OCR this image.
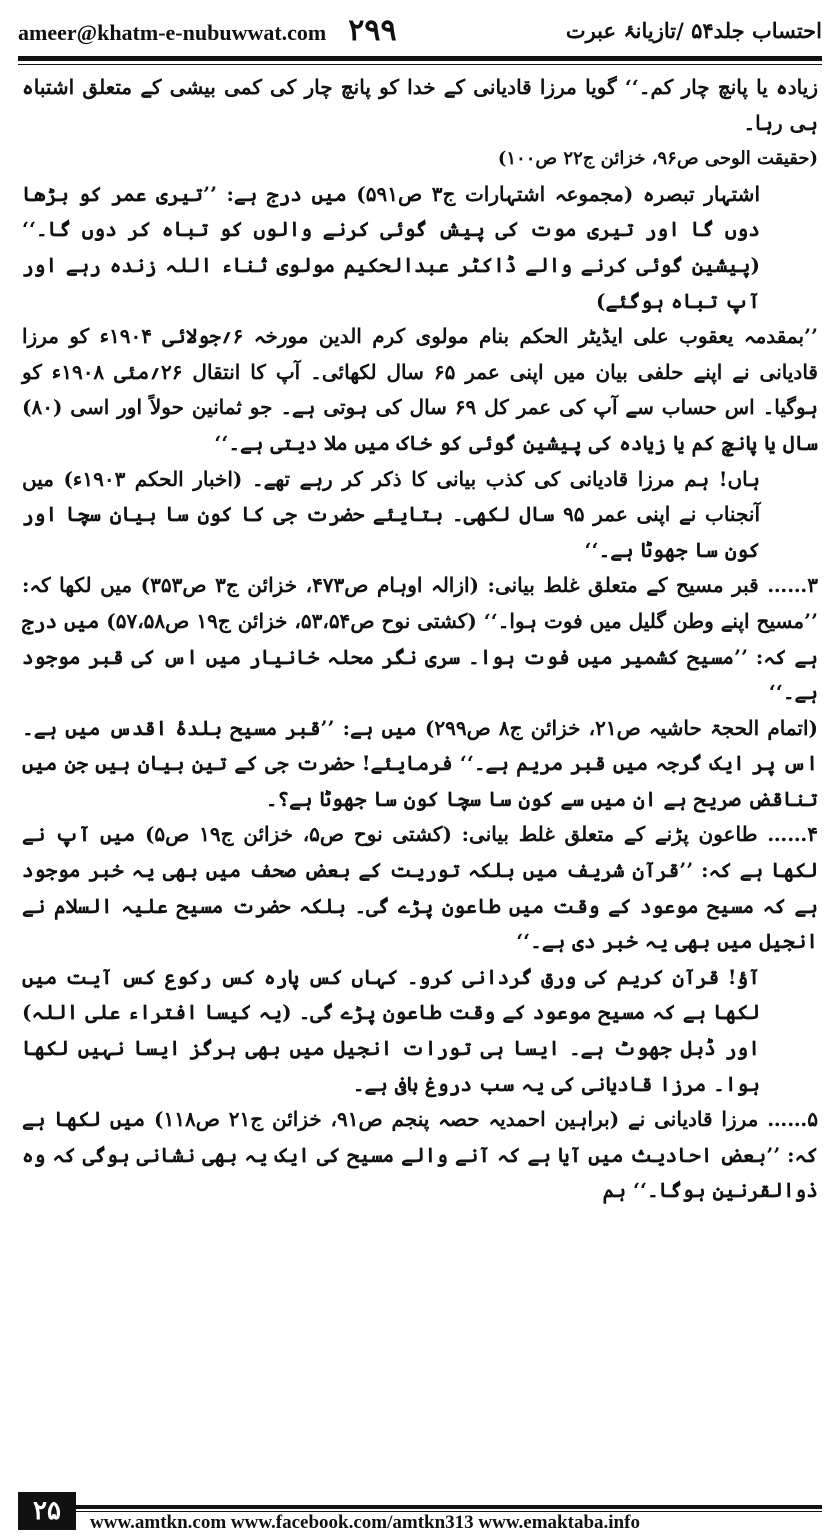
ameer@khatm-e-nubuwwat.com ۲۹۹	احتساب جلد۵۴ /تازیانۂ عبرت

زیادہ یا پانچ چار کم۔‘‘ گویا مرزا قادیانی کے خدا کو پانچ چار کی کمی بیشی کے متعلق اشتباہ ہی رہا۔

(حقیقت الوحی ص۹۶، خزائن ج۲۲ ص۱۰۰)

اشتہار تبصرہ (مجموعہ اشتہارات ج۳ ص۵۹۱) میں درج ہے: ’’تیری عمر کو بڑھا دوں گا اور تیری موت کی پیش گوئی کرنے والوں کو تباہ کر دوں گا۔‘‘ (پیشین گوئی کرنے والے ڈاکٹر عبدالحکیم مولوی ثناء اللہ زندہ رہے اور آپ تباہ ہوگئے)

’’بمقدمہ یعقوب علی ایڈیٹر الحکم بنام مولوی کرم الدین مورخہ ۶؍جولائی ۱۹۰۴ء کو مرزا قادیانی نے اپنے حلفی بیان میں اپنی عمر ۶۵ سال لکھائی۔ آپ کا انتقال ۲۶؍مئی ۱۹۰۸ء کو ہوگیا۔ اس حساب سے آپ کی عمر کل ۶۹ سال کی ہوتی ہے۔ جو ثمانین حولاً اور اسی (۸۰) سال یا پانچ کم یا زیادہ کی پیشین گوئی کو خاک میں ملا دیتی ہے۔‘‘

ہاں! ہم مرزا قادیانی کی کذب بیانی کا ذکر کر رہے تھے۔ (اخبار الحکم ۱۹۰۳ء) میں آنجناب نے اپنی عمر ۹۵ سال لکھی۔ بتایئے حضرت جی کا کون سا بیان سچا اور کون سا جھوٹا ہے۔‘‘

۳…… قبر مسیح کے متعلق غلط بیانی: (ازالہ اوہام ص۴۷۳، خزائن ج۳ ص۳۵۳) میں لکھا کہ: ’’مسیح اپنے وطن گلیل میں فوت ہوا۔‘‘ (کشتی نوح ص۵۳،۵۴، خزائن ج۱۹ ص۵۷،۵۸) میں درج ہے کہ: ’’مسیح کشمیر میں فوت ہوا۔ سری نگر محلہ خانیار میں اس کی قبر موجود ہے۔‘‘

(اتمام الحجۃ حاشیہ ص۲۱، خزائن ج۸ ص۲۹۹) میں ہے: ’’قبر مسیح بلدۂ اقدس میں ہے۔ اس پر ایک گرجہ میں قبر مریم ہے۔‘‘ فرمایئے! حضرت جی کے تین بیان ہیں جن میں تناقض صریح ہے ان میں سے کون سا سچا کون سا جھوٹا ہے؟۔

۴…… طاعون پڑنے کے متعلق غلط بیانی: (کشتی نوح ص۵، خزائن ج۱۹ ص۵) میں آپ نے لکھا ہے کہ: ’’قرآن شریف میں بلکہ توریت کے بعض صحف میں بھی یہ خبر موجود ہے کہ مسیح موعود کے وقت میں طاعون پڑے گی۔ بلکہ حضرت مسیح علیہ السلام نے انجیل میں بھی یہ خبر دی ہے۔‘‘

آؤ! قرآن کریم کی ورق گردانی کرو۔ کہاں کس پارہ کس رکوع کس آیت میں لکھا ہے کہ مسیح موعود کے وقت طاعون پڑے گی۔ (یہ کیسا افتراء علی اللہ) اور ڈبل جھوٹ ہے۔ ایسا ہی تورات انجیل میں بھی ہرگز ایسا نہیں لکھا ہوا۔ مرزا قادیانی کی یہ سب دروغ بافی ہے۔

۵…… مرزا قادیانی نے (براہین احمدیہ حصہ پنجم ص۹۱، خزائن ج۲۱ ص۱۱۸) میں لکھا ہے کہ: ’’بعض احادیث میں آیا ہے کہ آنے والے مسیح کی ایک یہ بھی نشانی ہوگی کہ وہ ذوالقرنین ہوگا۔‘‘ ہم

۲۵	www.amtkn.com www.facebook.com/amtkn313 www.emaktaba.info
